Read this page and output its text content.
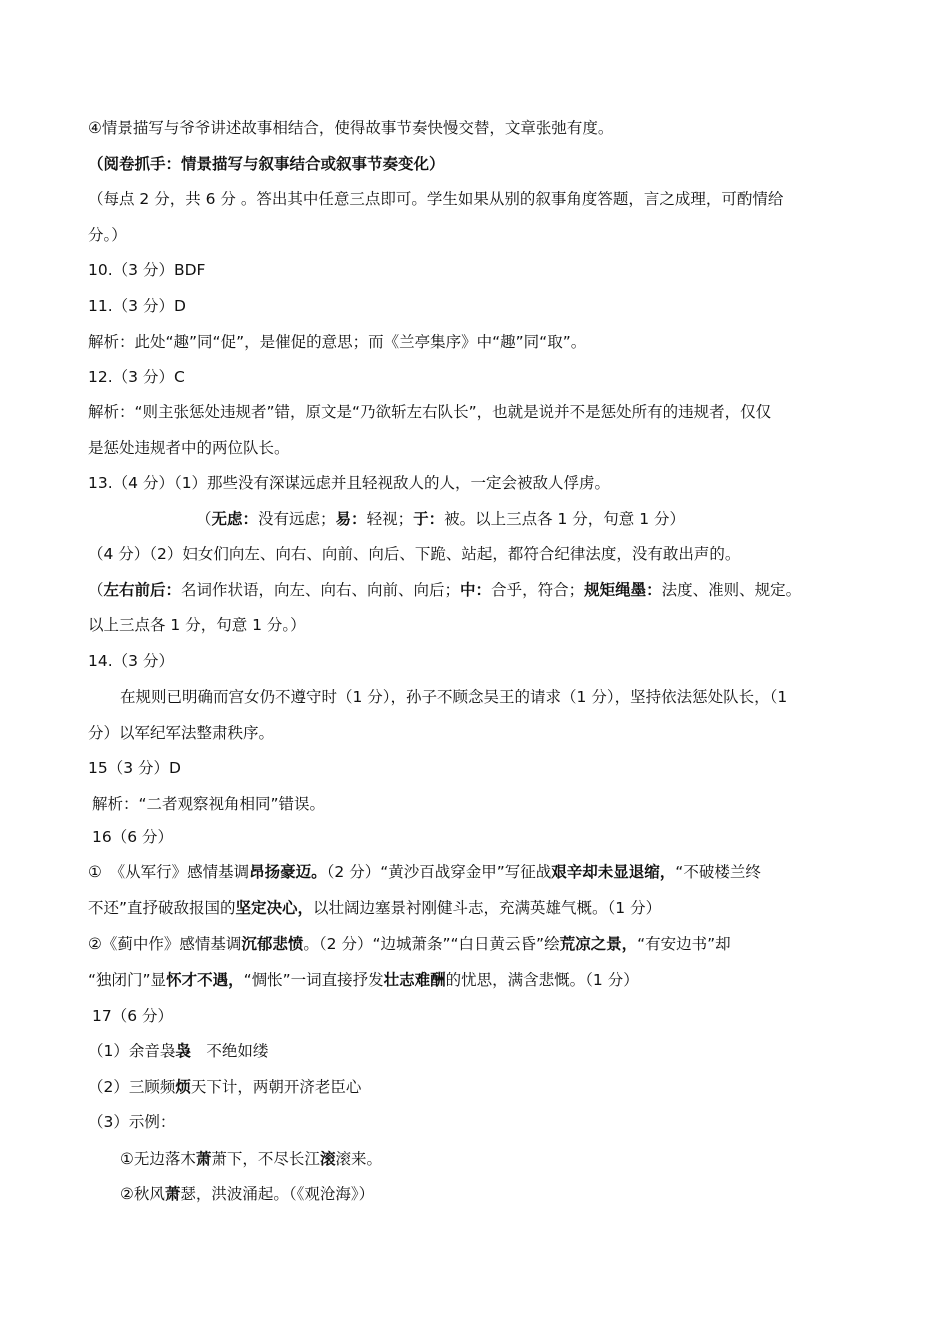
④情景描写与爷爷讲述故事相结合，使得故事节奏快慢交替，文章张弛有度。
（阅卷抓手：情景描写与叙事结合或叙事节奏变化）
（每点 2 分，共 6 分 。答出其中任意三点即可。学生如果从别的叙事角度答题，言之成理，可酌情给
分。）
10.（3 分）BDF
11.（3 分）D
解析：此处“趣”同“促”，是催促的意思；而《兰亭集序》中“趣”同“取”。
12.（3 分）C
解析：“则主张惩处违规者”错，原文是“乃欲斩左右队长”，也就是说并不是惩处所有的违规者，仅仅
是惩处违规者中的两位队长。
13.（4 分）（1）那些没有深谋远虑并且轻视敌人的人，一定会被敌人俘虏。
（无虑：没有远虑；易：轻视；于：被。以上三点各 1 分，句意 1 分）
（4 分）（2）妇女们向左、向右、向前、向后、下跪、站起，都符合纪律法度，没有敢出声的。
（左右前后：名词作状语，向左、向右、向前、向后；中：合乎，符合；规矩绳墨：法度、准则、规定。
以上三点各 1 分，句意 1 分。）
14.（3 分）
在规则已明确而宫女仍不遵守时（1 分），孙子不顾念吴王的请求（1 分），坚持依法惩处队长，（1
分）以军纪军法整肃秩序。
15（3 分）D
解析：“二者观察视角相同”错误。
16（6 分）
①　《从军行》感情基调昂扬豪迈。（2 分）“黄沙百战穿金甲”写征战艰辛却未显退缩，“不破楼兰终
不还”直抒破敌报国的坚定决心，以壮阔边塞景衬刚健斗志，充满英雄气概。（1 分）
②《蓟中作》感情基调沉郁悲愤。（2 分）“边城萧条”“白日黄云昏”绘荒凉之景，“有安边书”却
“独闭门”显怀才不遇，“惆怅”一词直接抒发壮志难酬的忧思，满含悲慨。（1 分）
17（6 分）
（1）余音袅袅　不绝如缕
（2）三顾频烦天下计，两朝开济老臣心
（3）示例：
①无边落木萧萧下，不尽长江滚滚来。
②秋风萧瑟，洪波涌起。（《观沧海》）
